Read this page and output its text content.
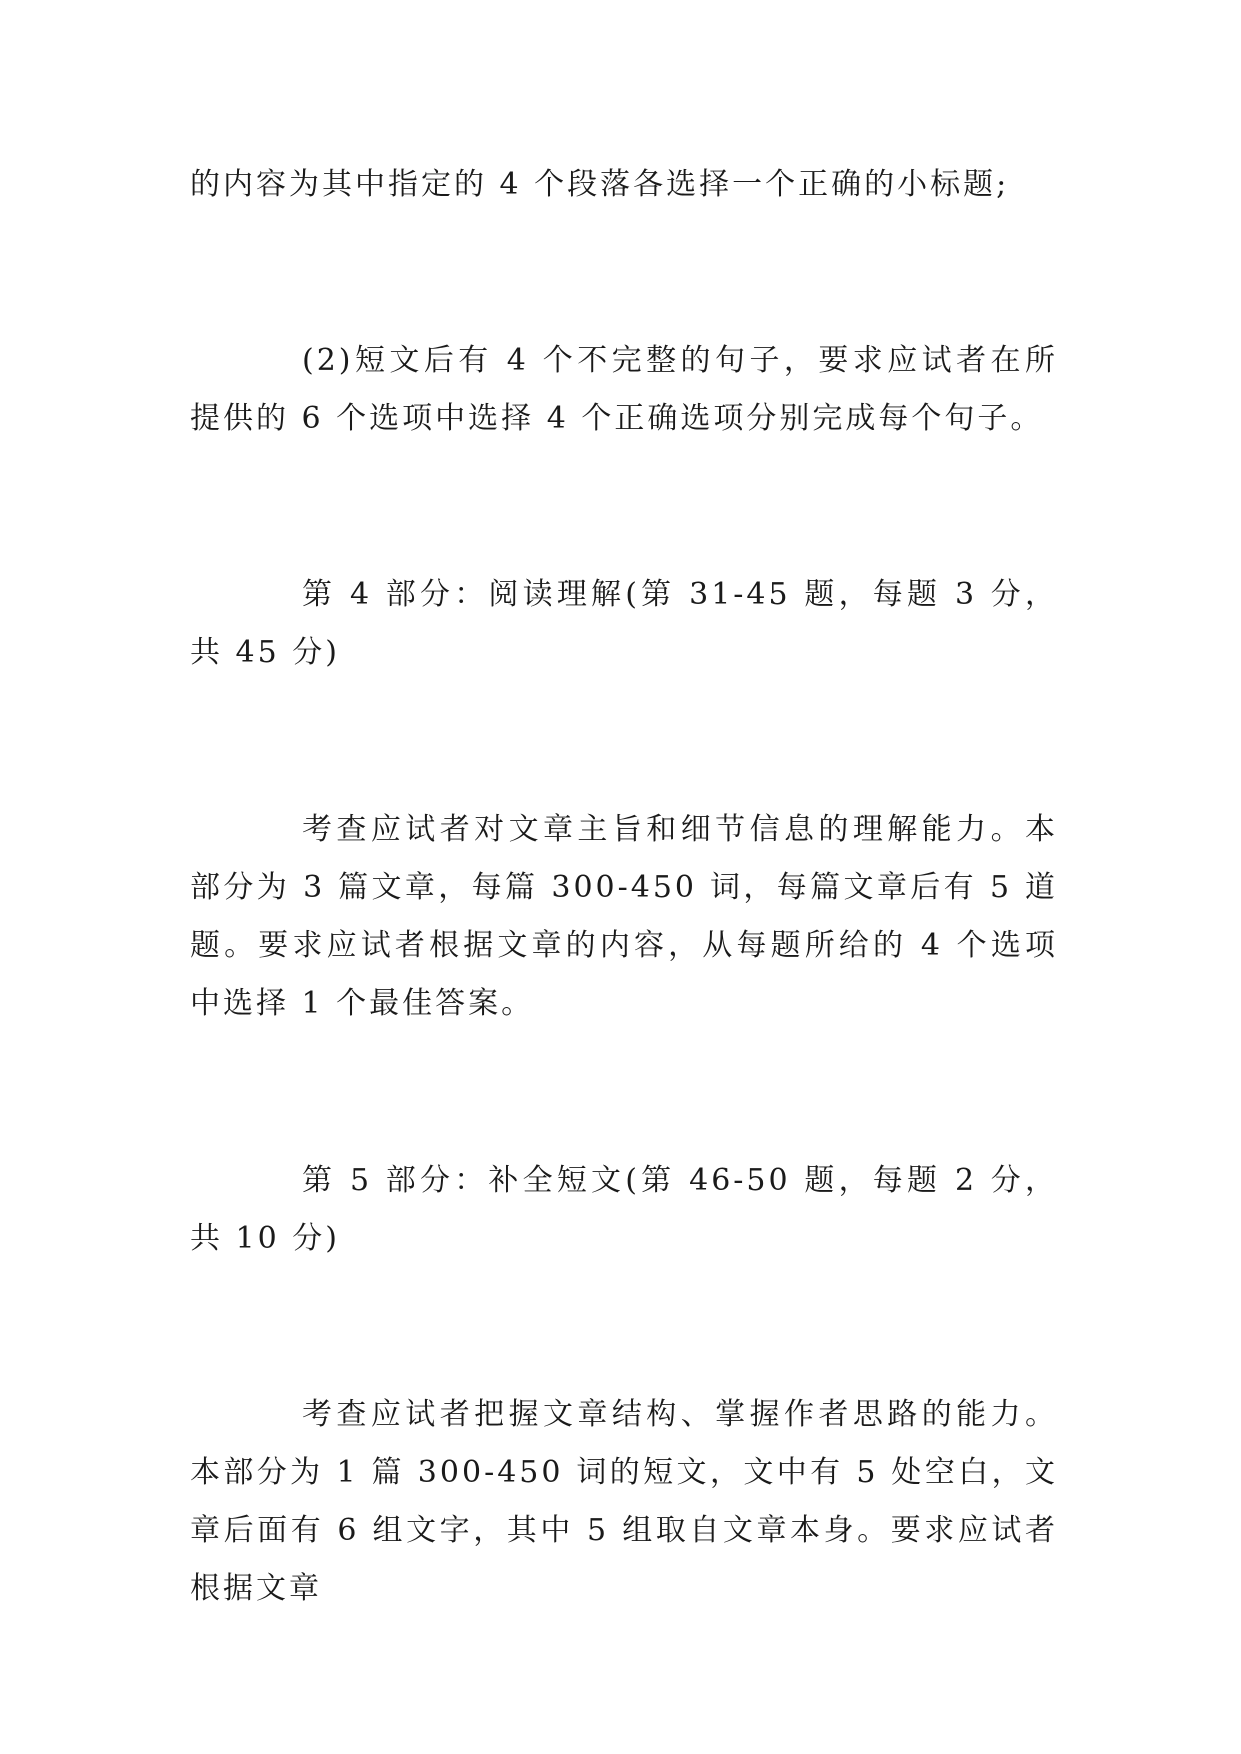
的内容为其中指定的 4 个段落各选择一个正确的小标题;

(2)短文后有 4 个不完整的句子，要求应试者在所提供的 6 个选项中选择 4 个正确选项分别完成每个句子。

第 4 部分：阅读理解(第 31-45 题，每题 3 分，共 45 分)

考查应试者对文章主旨和细节信息的理解能力。本部分为 3 篇文章，每篇 300-450 词，每篇文章后有 5 道题。要求应试者根据文章的内容，从每题所给的 4 个选项中选择 1 个最佳答案。

第 5 部分：补全短文(第 46-50 题，每题 2 分，共 10 分)

考查应试者把握文章结构、掌握作者思路的能力。本部分为 1 篇 300-450 词的短文，文中有 5 处空白，文章后面有 6 组文字，其中 5 组取自文章本身。要求应试者根据文章
